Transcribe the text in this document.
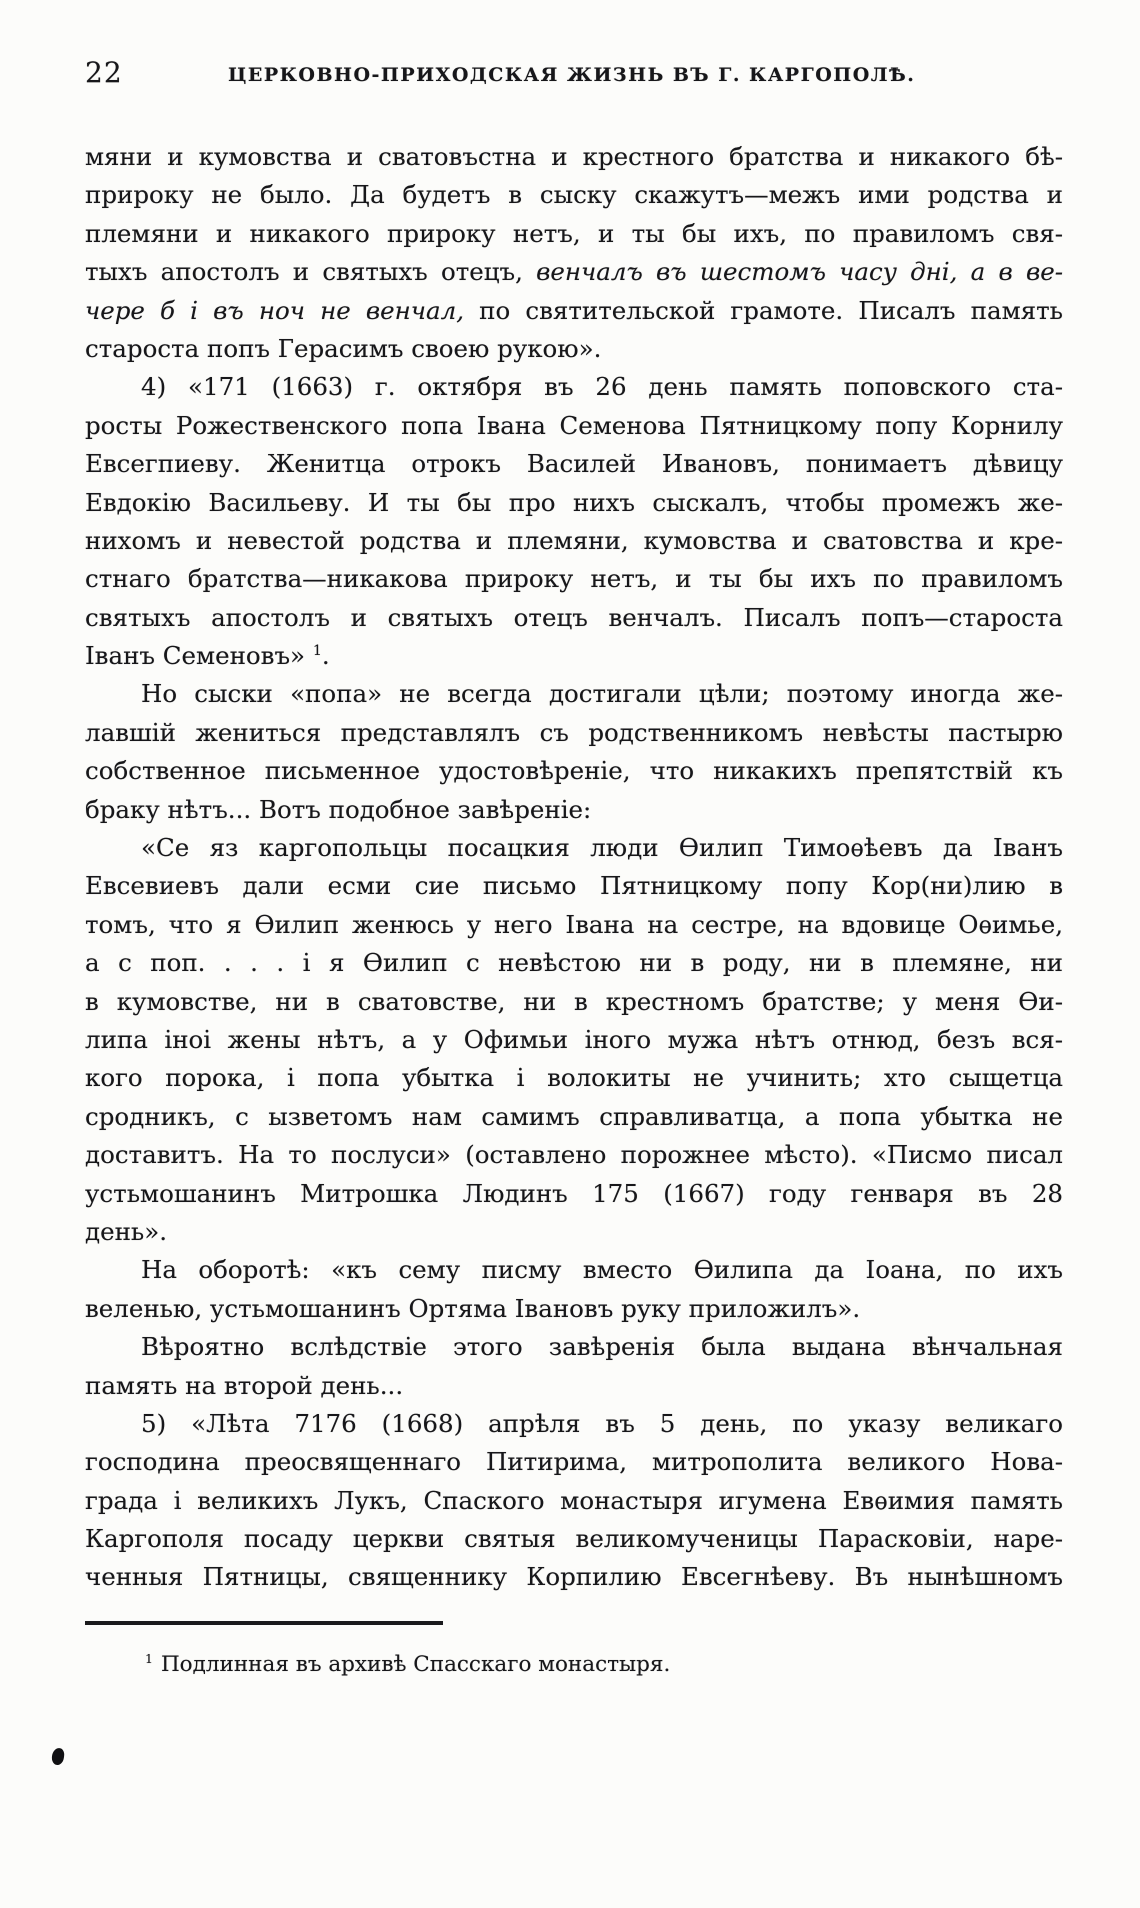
22	ЦЕРКОВНО-ПРИХОДСКАЯ ЖИЗНЬ ВЪ Г. КАРГОПОЛѢ.
мяни и кумовства и сватовъстна и крестного братства и никакого бѣ-
прироку не было. Да будетъ в сыску скажутъ—межъ ими родства и
племяни и никакого прироку нетъ, и ты бы ихъ, по правиломъ свя-
тыхъ апостолъ и святыхъ отецъ, венчалъ въ шестомъ часу дні, а в ве-
чере б і въ ноч не венчал, по святительской грамоте. Писалъ память
староста попъ Герасимъ своею рукою».
4) «171 (1663) г. октября въ 26 день память поповского ста-
росты Рожественского попа Івана Семенова Пятницкому попу Корнилу
Евсегпиеву. Женитца отрокъ Василей Ивановъ, понимаетъ дѣвицу
Евдокію Васильеву. И ты бы про нихъ сыскалъ, чтобы промежъ же-
нихомъ и невестой родства и племяни, кумовства и сватовства и кре-
стнаго братства—никакова прироку нетъ, и ты бы ихъ по правиломъ
святыхъ апостолъ и святыхъ отецъ венчалъ. Писалъ попъ—староста
Іванъ Семеновъ» $^1$.
Но сыски «попа» не всегда достигали цѣли; поэтому иногда же-
лавшій жениться представлялъ съ родственникомъ невѣсты пастырю
собственное письменное удостовѣреніе, что никакихъ препятствій къ
браку нѣтъ... Вотъ подобное завѣреніе:
«Се яз каргопольцы посацкия люди Ѳилип Тимоѳѣевъ да Іванъ
Евсевиевъ дали есми сие письмо Пятницкому попу Кор(ни)лию в
томъ, что я Ѳилип женюсь у него Івана на сестре, на вдовице Оѳимье,
а с поп. . . . і я Ѳилип с невѣстою ни в роду, ни в племяне, ни
в кумовстве, ни в сватовстве, ни в крестномъ братстве; у меня Ѳи-
липа іноі жены нѣтъ, а у Офимьи іного мужа нѣтъ отнюд, безъ вся-
кого порока, і попа убытка і волокиты не учинить; хто сыщетца
сродникъ, с ызветомъ нам самимъ справливатца, а попа убытка не
доставитъ. На то послуси» (оставлено порожнее мѣсто). «Писмо писал
устьмошанинъ Митрошка Людинъ 175 (1667) году генваря въ 28
день».
На оборотѣ: «къ сему писму вместо Ѳилипа да Іоана, по ихъ
веленью, устьмошанинъ Ортяма Івановъ руку приложилъ».
Вѣроятно вслѣдствіе этого завѣренія была выдана вѣнчальная
память на второй день...
5) «Лѣта 7176 (1668) апрѣля въ 5 день, по указу великаго
господина преосвященнаго Питирима, митрополита великого Нова-
града і великихъ Лукъ, Спаского монастыря игумена Евѳимия память
Каргополя посаду церкви святыя великомученицы Парасковіи, наре-
ченныя Пятницы, священнику Корпилию Евсегнѣеву. Въ нынѣшномъ
$^1$ Подлинная въ архивѣ Спасскаго монастыря.
